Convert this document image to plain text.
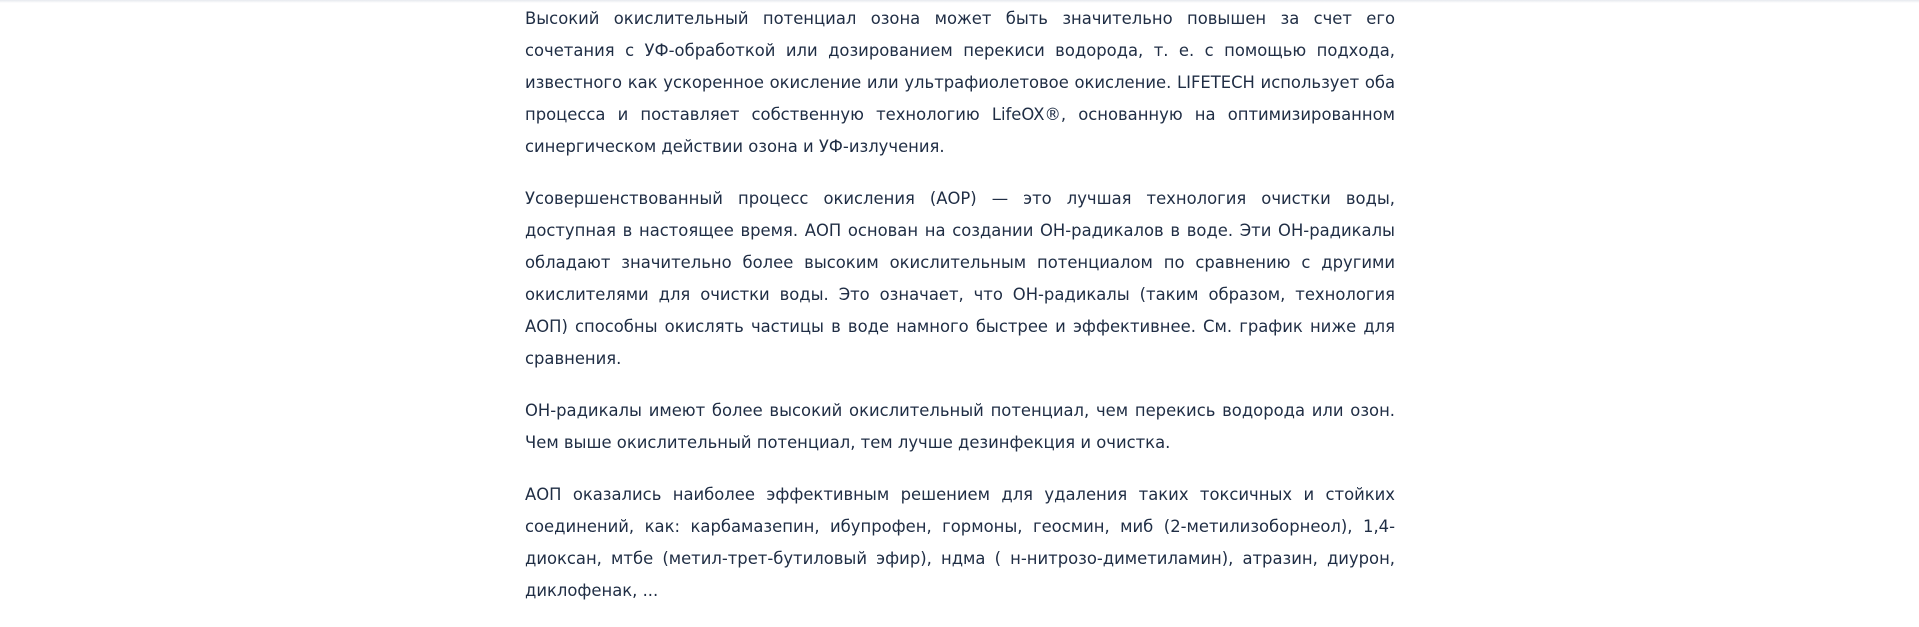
Высокий окислительный потенциал озона может быть значительно повышен за счет его сочетания с УФ-обработкой или дозированием перекиси водорода, т. е. с помощью подхода, известного как ускоренное окисление или ультрафиолетовое окисление. LIFETECH использует оба процесса и поставляет собственную технологию LifeOX®, основанную на оптимизированном синергическом действии озона и УФ-излучения.

Усовершенствованный процесс окисления (АОР) — это лучшая технология очистки воды, доступная в настоящее время. АОП основан на создании ОН-радикалов в воде. Эти ОН-радикалы обладают значительно более высоким окислительным потенциалом по сравнению с другими окислителями для очистки воды. Это означает, что ОН-радикалы (таким образом, технология АОП) способны окислять частицы в воде намного быстрее и эффективнее. См. график ниже для сравнения.

ОН-радикалы имеют более высокий окислительный потенциал, чем перекись водорода или озон. Чем выше окислительный потенциал, тем лучше дезинфекция и очистка.

АОП оказались наиболее эффективным решением для удаления таких токсичных и стойких соединений, как: карбамазепин, ибупрофен, гормоны, геосмин, миб (2-метилизоборнеол), 1,4-диоксан, мтбе (метил-трет-бутиловый эфир), ндма ( н-нитрозо-диметиламин), атразин, диурон, диклофенак, ...
